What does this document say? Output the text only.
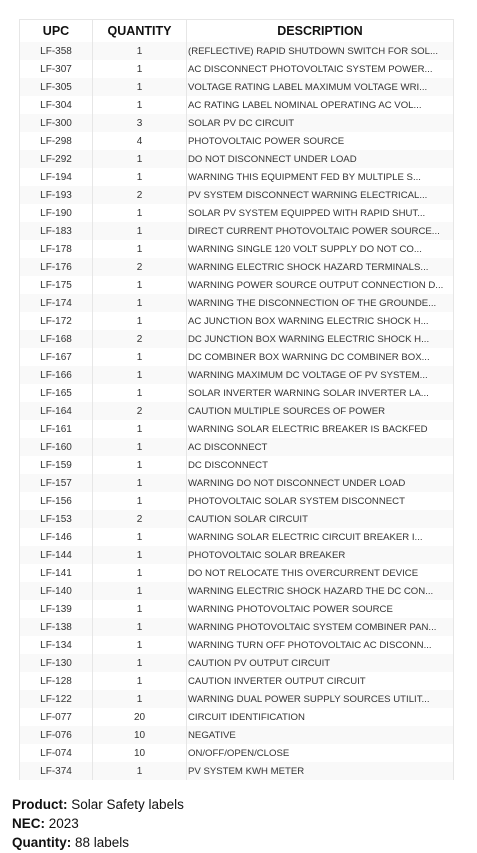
UPC	QUANTITY	DESCRIPTION
LF-358	1	(REFLECTIVE) RAPID SHUTDOWN SWITCH FOR SOL...
LF-307	1	AC DISCONNECT PHOTOVOLTAIC SYSTEM POWER...
LF-305	1	VOLTAGE RATING LABEL MAXIMUM VOLTAGE WRI...
LF-304	1	AC RATING LABEL NOMINAL OPERATING AC VOL...
LF-300	3	SOLAR PV DC CIRCUIT
LF-298	4	PHOTOVOLTAIC POWER SOURCE
LF-292	1	DO NOT DISCONNECT UNDER LOAD
LF-194	1	WARNING THIS EQUIPMENT FED BY MULTIPLE S...
LF-193	2	PV SYSTEM DISCONNECT WARNING ELECTRICAL...
LF-190	1	SOLAR PV SYSTEM EQUIPPED WITH RAPID SHUT...
LF-183	1	DIRECT CURRENT PHOTOVOLTAIC POWER SOURCE...
LF-178	1	WARNING SINGLE 120 VOLT SUPPLY DO NOT CO...
LF-176	2	WARNING ELECTRIC SHOCK HAZARD TERMINALS...
LF-175	1	WARNING POWER SOURCE OUTPUT CONNECTION D...
LF-174	1	WARNING THE DISCONNECTION OF THE GROUNDE...
LF-172	1	AC JUNCTION BOX WARNING ELECTRIC SHOCK H...
LF-168	2	DC JUNCTION BOX WARNING ELECTRIC SHOCK H...
LF-167	1	DC COMBINER BOX WARNING DC COMBINER BOX...
LF-166	1	WARNING MAXIMUM DC VOLTAGE OF PV SYSTEM...
LF-165	1	SOLAR INVERTER WARNING SOLAR INVERTER LA...
LF-164	2	CAUTION MULTIPLE SOURCES OF POWER
LF-161	1	WARNING SOLAR ELECTRIC BREAKER IS BACKFED
LF-160	1	AC DISCONNECT
LF-159	1	DC DISCONNECT
LF-157	1	WARNING DO NOT DISCONNECT UNDER LOAD
LF-156	1	PHOTOVOLTAIC SOLAR SYSTEM DISCONNECT
LF-153	2	CAUTION SOLAR CIRCUIT
LF-146	1	WARNING SOLAR ELECTRIC CIRCUIT BREAKER I...
LF-144	1	PHOTOVOLTAIC SOLAR BREAKER
LF-141	1	DO NOT RELOCATE THIS OVERCURRENT DEVICE
LF-140	1	WARNING ELECTRIC SHOCK HAZARD THE DC CON...
LF-139	1	WARNING PHOTOVOLTAIC POWER SOURCE
LF-138	1	WARNING PHOTOVOLTAIC SYSTEM COMBINER PAN...
LF-134	1	WARNING TURN OFF PHOTOVOLTAIC AC DISCONN...
LF-130	1	CAUTION PV OUTPUT CIRCUIT
LF-128	1	CAUTION INVERTER OUTPUT CIRCUIT
LF-122	1	WARNING DUAL POWER SUPPLY SOURCES UTILIT...
LF-077	20	CIRCUIT IDENTIFICATION
LF-076	10	NEGATIVE
LF-074	10	ON/OFF/OPEN/CLOSE
LF-374	1	PV SYSTEM KWH METER
Product: Solar Safety labels
NEC: 2023
Quantity: 88 labels
